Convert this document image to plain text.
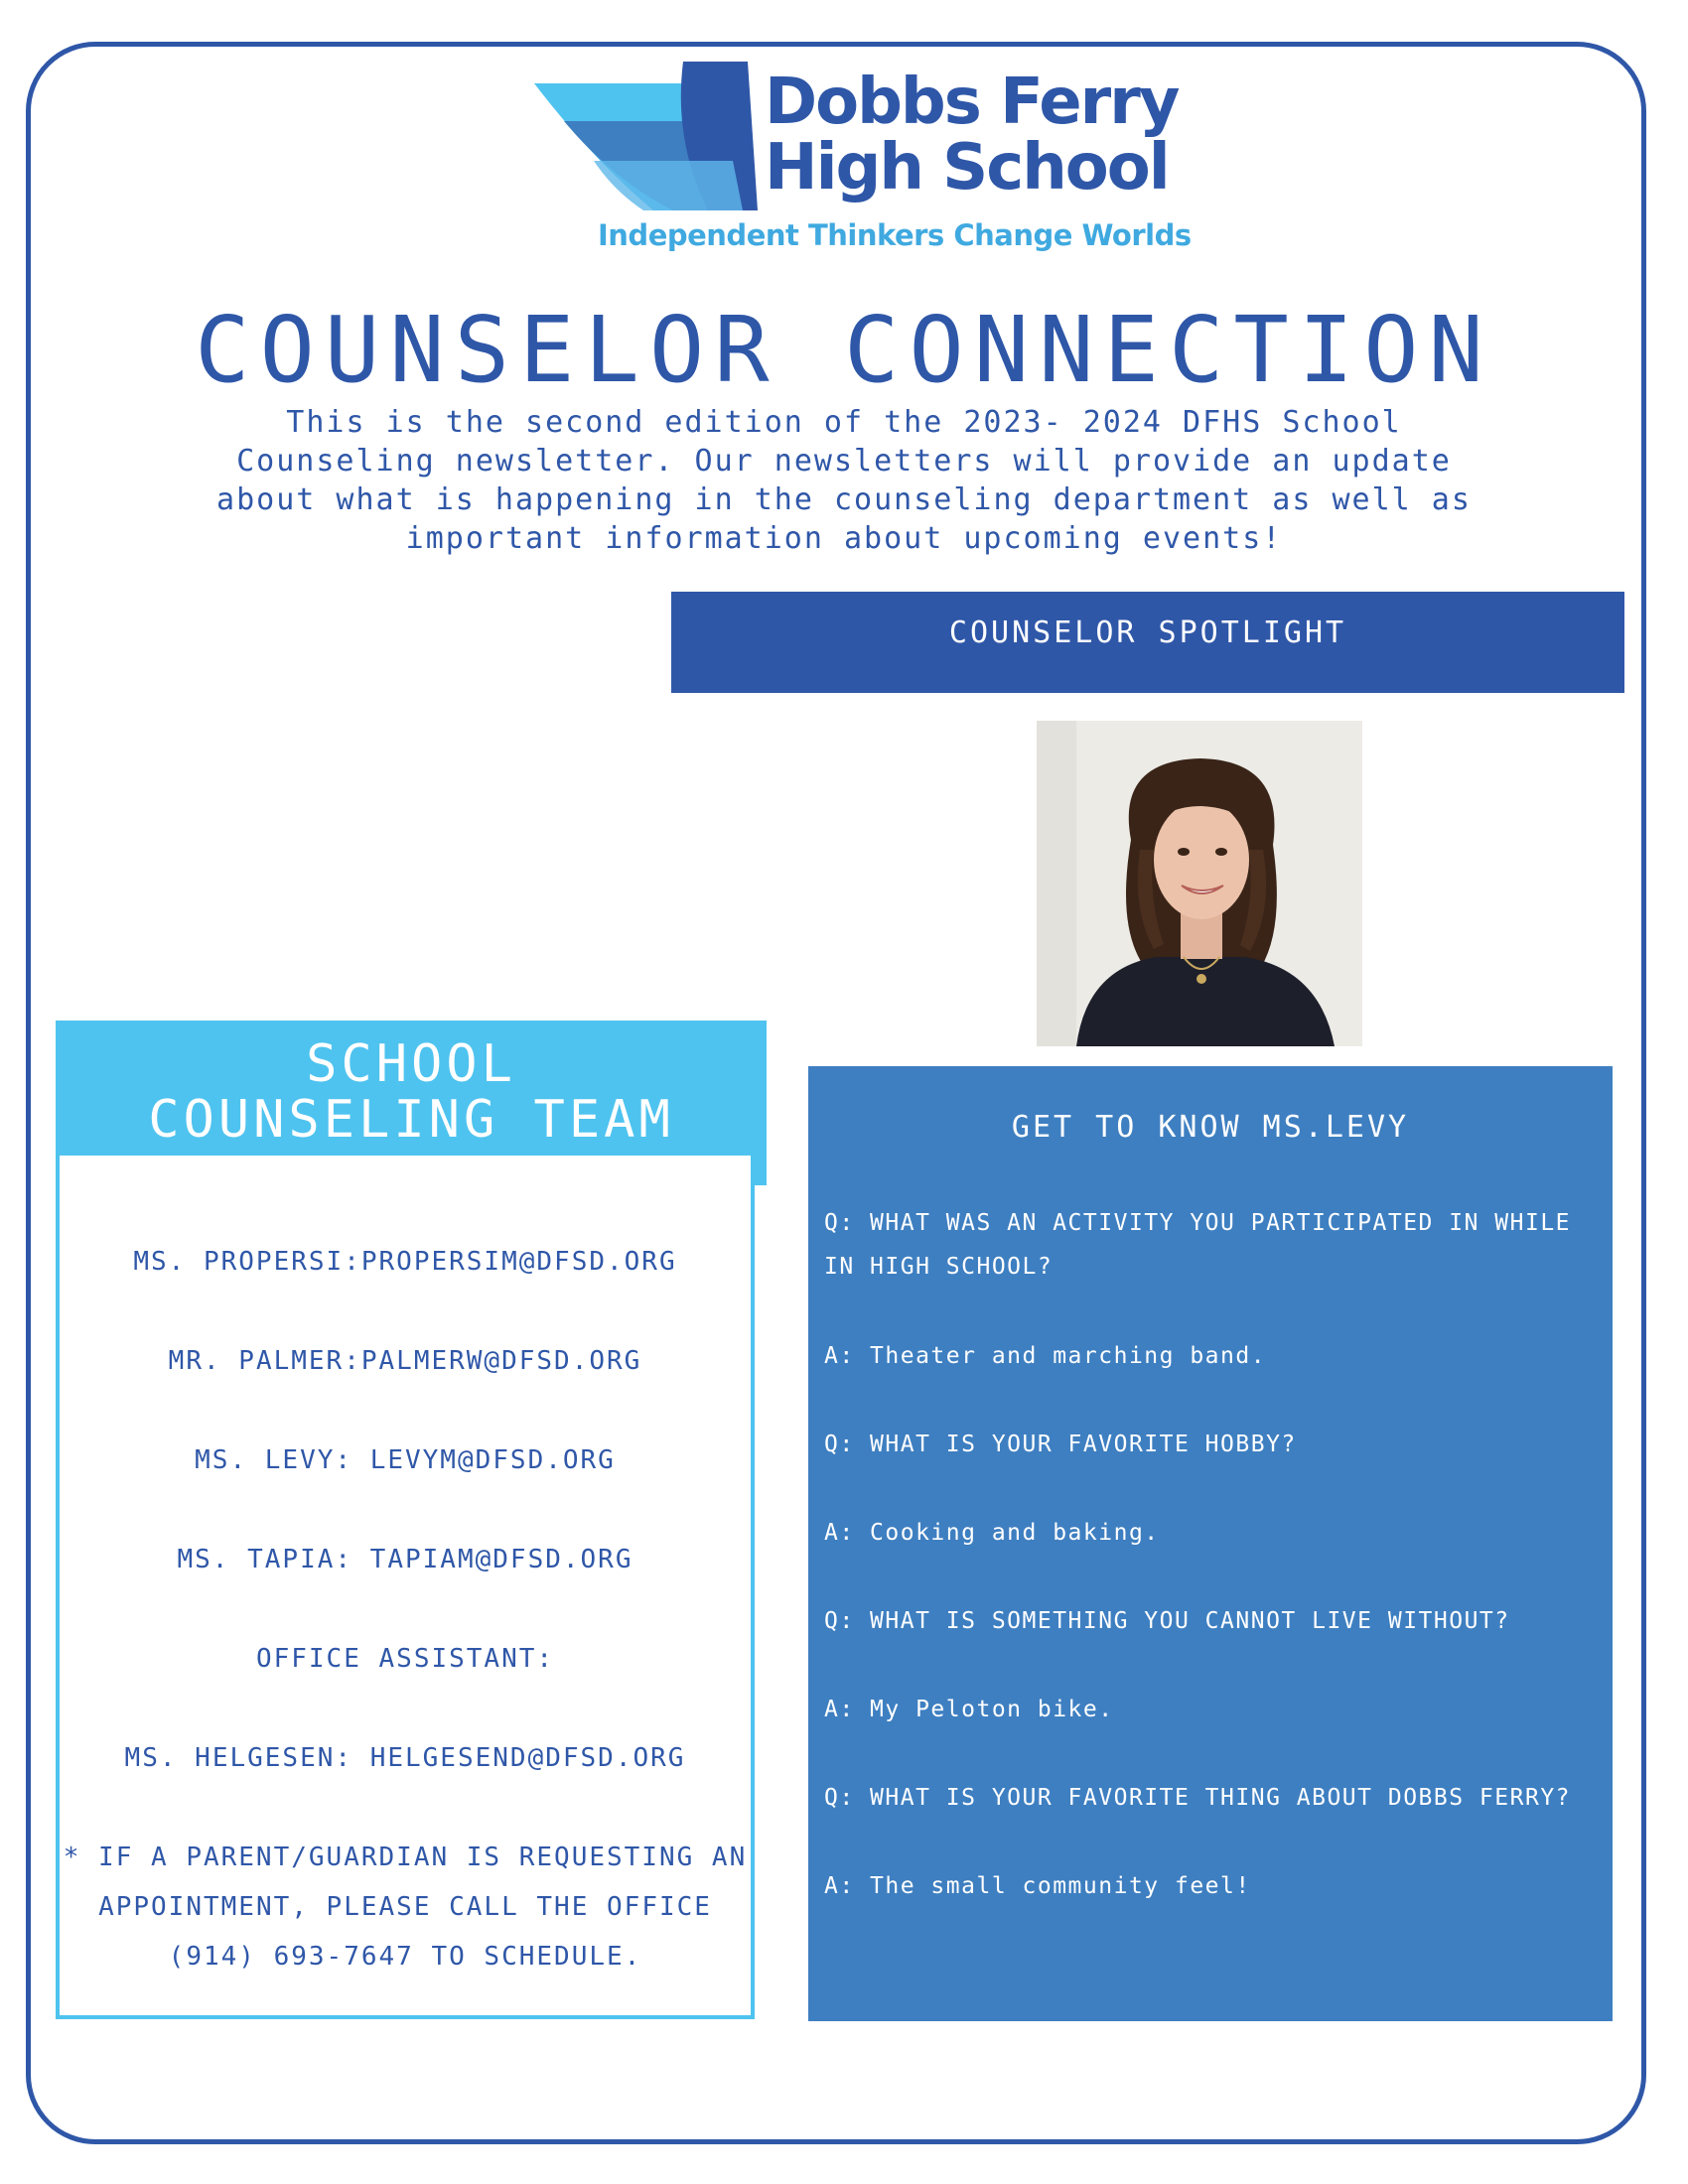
Dobbs Ferry
High School
Independent Thinkers Change Worlds
COUNSELOR CONNECTION
This is the second edition of the 2023- 2024 DFHS School Counseling newsletter. Our newsletters will provide an update about what is happening in the counseling department as well as important information about upcoming events!
COUNSELOR SPOTLIGHT
SCHOOL
COUNSELING TEAM
MS. PROPERSI:PROPERSIM@DFSD.ORG
MR. PALMER:PALMERW@DFSD.ORG
MS. LEVY: LEVYM@DFSD.ORG
MS. TAPIA: TAPIAM@DFSD.ORG
OFFICE ASSISTANT:
MS. HELGESEN: HELGESEND@DFSD.ORG
* IF A PARENT/GUARDIAN IS REQUESTING AN APPOINTMENT, PLEASE CALL THE OFFICE (914) 693-7647 TO SCHEDULE.
GET TO KNOW MS.LEVY
Q: WHAT WAS AN ACTIVITY YOU PARTICIPATED IN WHILE IN HIGH SCHOOL?
A: Theater and marching band.
Q: WHAT IS YOUR FAVORITE HOBBY?
A: Cooking and baking.
Q: WHAT IS SOMETHING YOU CANNOT LIVE WITHOUT?
A: My Peloton bike.
Q: WHAT IS YOUR FAVORITE THING ABOUT DOBBS FERRY?
A: The small community feel!
